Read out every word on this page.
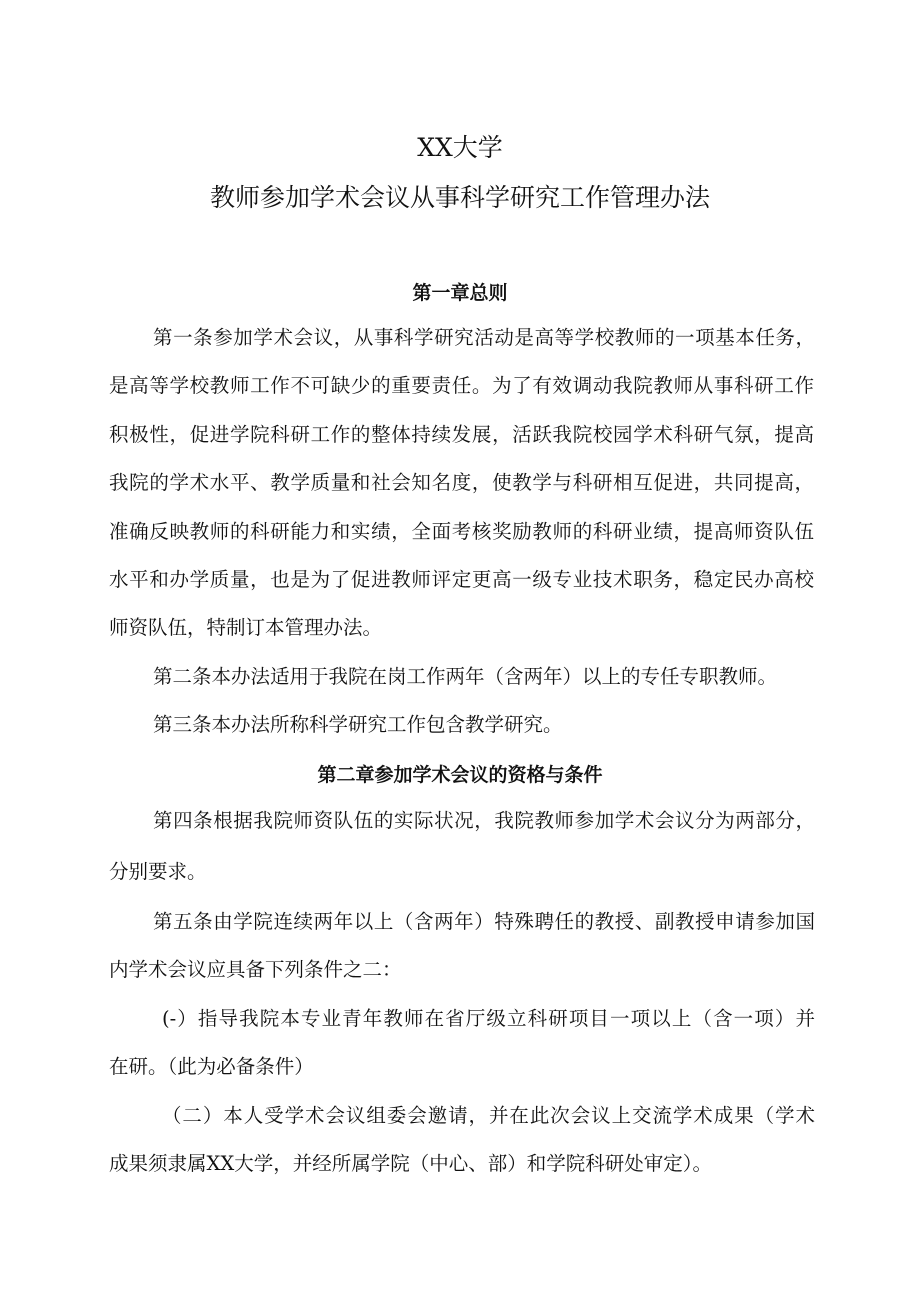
XX大学
教师参加学术会议从事科学研究工作管理办法
第一章总则
第一条参加学术会议，从事科学研究活动是高等学校教师的一项基本任务，
是高等学校教师工作不可缺少的重要责任。为了有效调动我院教师从事科研工作
积极性，促进学院科研工作的整体持续发展，活跃我院校园学术科研气氛，提高
我院的学术水平、教学质量和社会知名度，使教学与科研相互促进，共同提高，
准确反映教师的科研能力和实绩，全面考核奖励教师的科研业绩，提高师资队伍
水平和办学质量，也是为了促进教师评定更高一级专业技术职务，稳定民办高校
师资队伍，特制订本管理办法。
第二条本办法适用于我院在岗工作两年（含两年）以上的专任专职教师。
第三条本办法所称科学研究工作包含教学研究。
第二章参加学术会议的资格与条件
第四条根据我院师资队伍的实际状况，我院教师参加学术会议分为两部分，
分别要求。
第五条由学院连续两年以上（含两年）特殊聘任的教授、副教授申请参加国
内学术会议应具备下列条件之二：
(-）指导我院本专业青年教师在省厅级立科研项目一项以上（含一项）并
在研。（此为必备条件）
（二）本人受学术会议组委会邀请，并在此次会议上交流学术成果（学术
成果须隶属XX大学，并经所属学院（中心、部）和学院科研处审定）。
